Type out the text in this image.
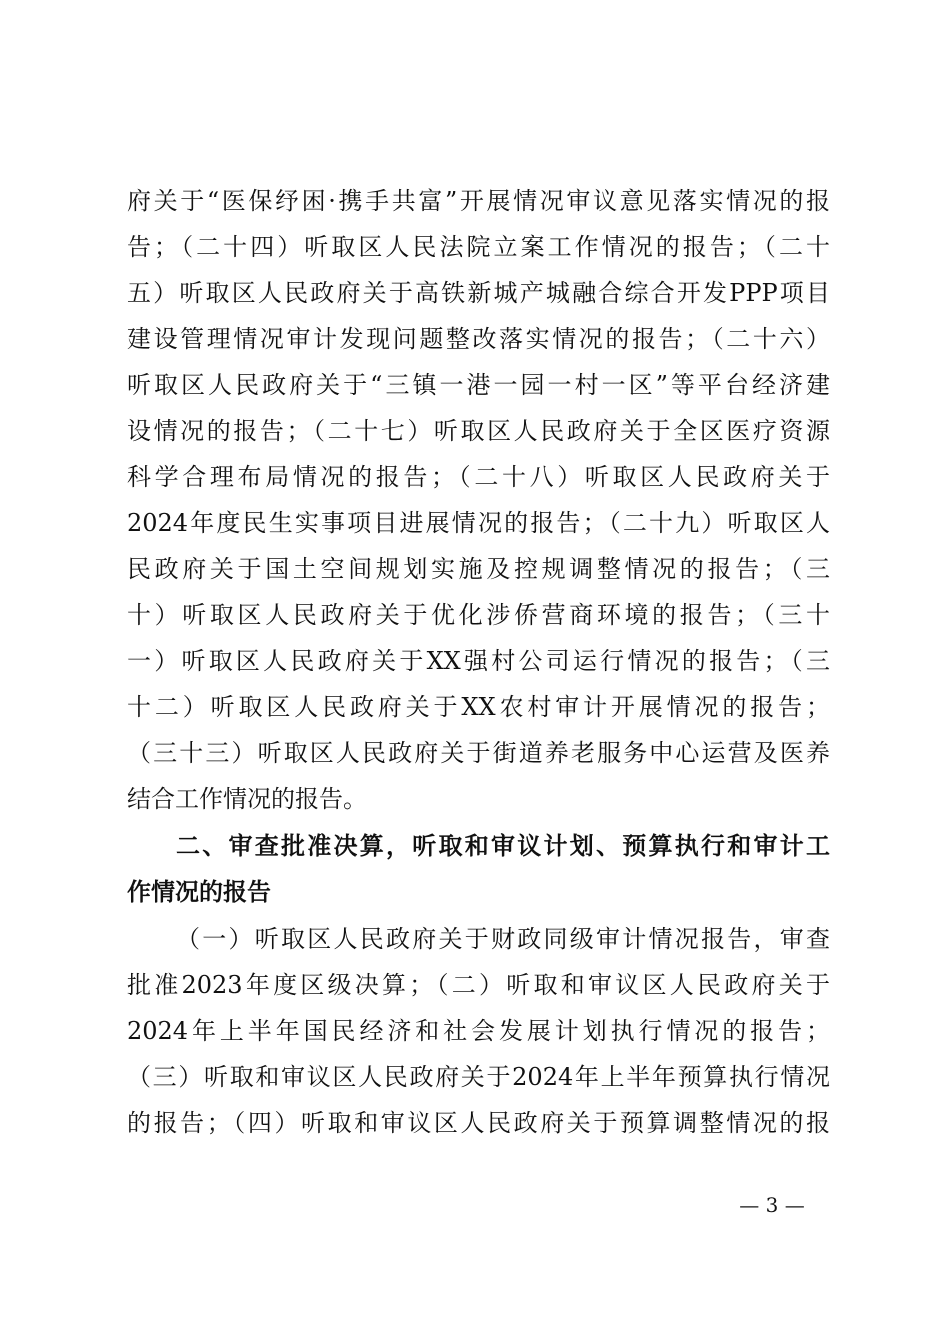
府关于“医保纾困·携手共富”开展情况审议意见落实情况的报
告；（二十四）听取区人民法院立案工作情况的报告；（二十
五）听取区人民政府关于高铁新城产城融合综合开发PPP项目
建设管理情况审计发现问题整改落实情况的报告；（二十六）
听取区人民政府关于“三镇一港一园一村一区”等平台经济建
设情况的报告；（二十七）听取区人民政府关于全区医疗资源
科学合理布局情况的报告；（二十八）听取区人民政府关于
2024年度民生实事项目进展情况的报告；（二十九）听取区人
民政府关于国土空间规划实施及控规调整情况的报告；（三
十）听取区人民政府关于优化涉侨营商环境的报告；（三十
一）听取区人民政府关于XX强村公司运行情况的报告；（三
十二）听取区人民政府关于XX农村审计开展情况的报告；
（三十三）听取区人民政府关于街道养老服务中心运营及医养
结合工作情况的报告。
二、审查批准决算，听取和审议计划、预算执行和审计工
作情况的报告
（一）听取区人民政府关于财政同级审计情况报告，审查
批准2023年度区级决算；（二）听取和审议区人民政府关于
2024年上半年国民经济和社会发展计划执行情况的报告；
（三）听取和审议区人民政府关于2024年上半年预算执行情况
的报告；（四）听取和审议区人民政府关于预算调整情况的报
— 3 —
